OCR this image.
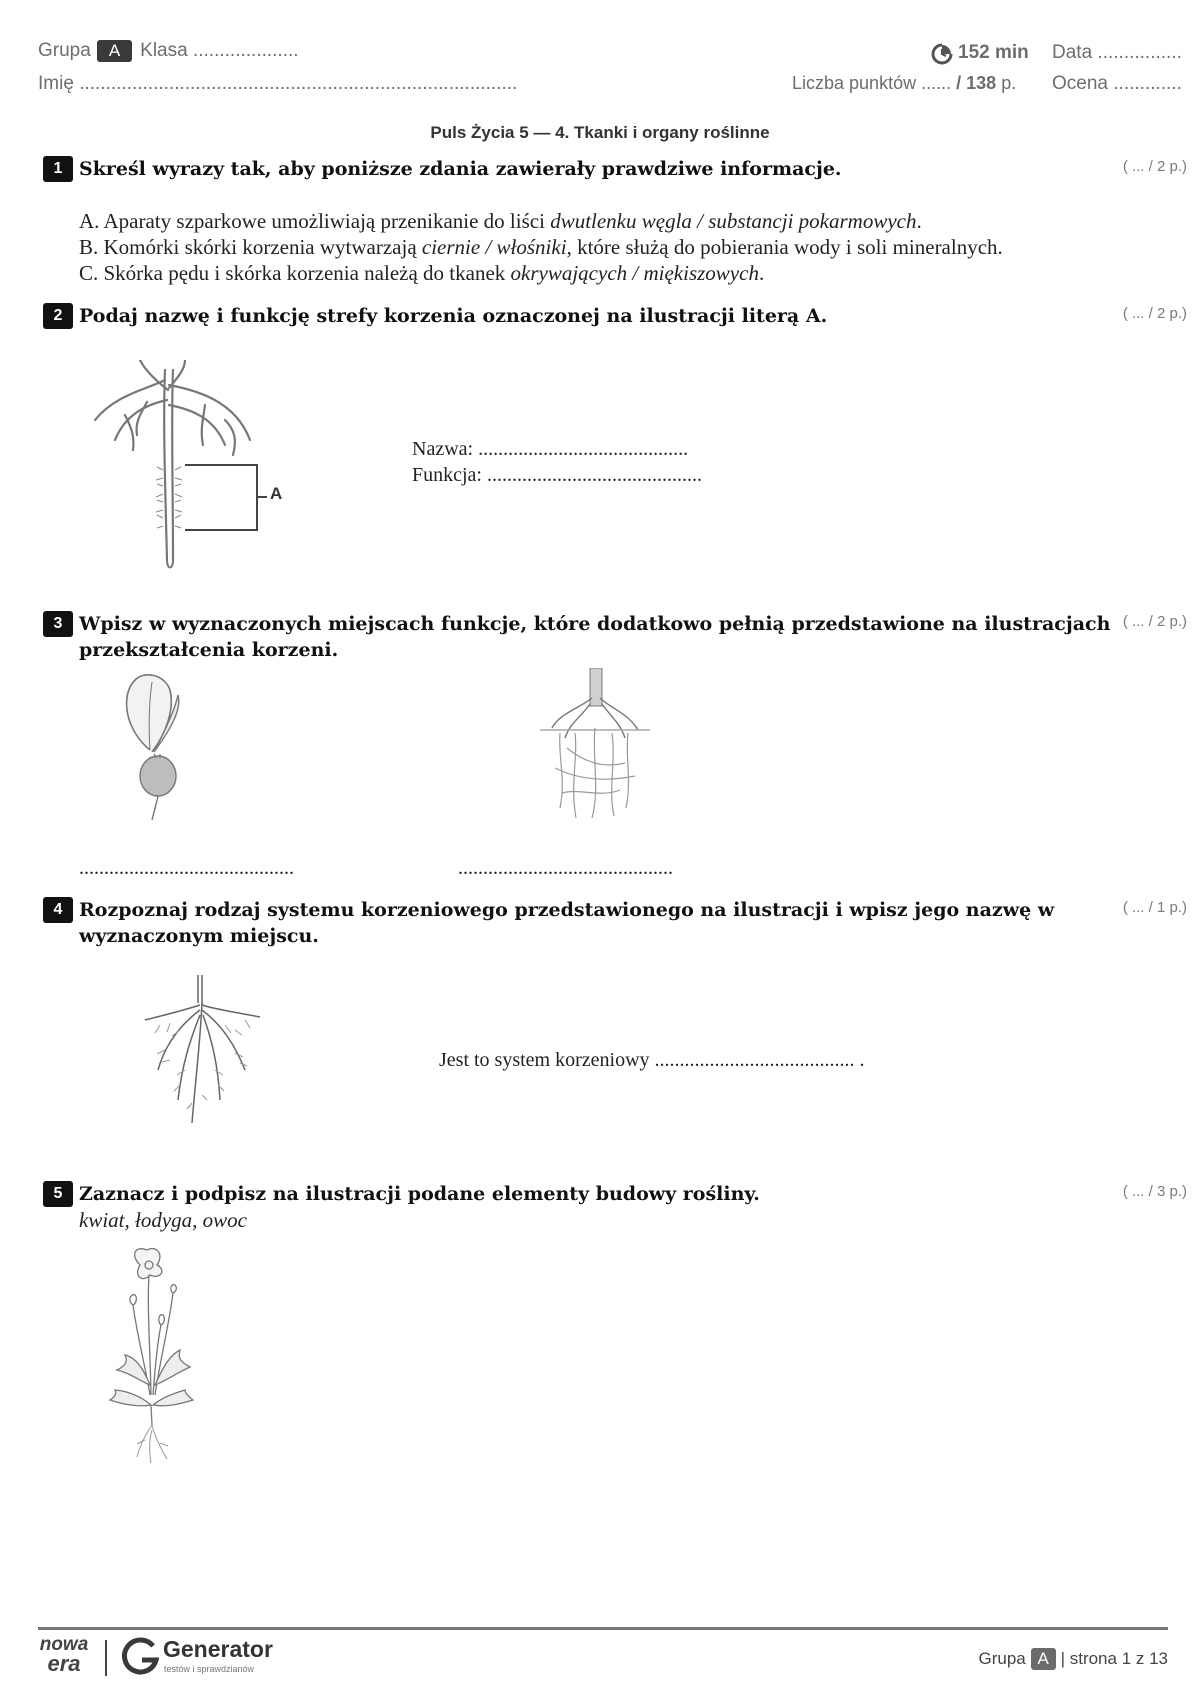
Grupa A Klasa ....................
Imię ...................................................................................
152 min Data ................
Liczba punktów ...... / 138 p. Ocena .............
Puls Życia 5 — 4. Tkanki i organy roślinne
1 Skreśl wyrazy tak, aby poniższe zdania zawierały prawdziwe informacje.	( ... / 2 p.)
A. Aparaty szparkowe umożliwiają przenikanie do liści dwutlenku węgla / substancji pokarmowych.
B. Komórki skórki korzenia wytwarzają ciernie / włośniki, które służą do pobierania wody i soli mineralnych.
C. Skórka pędu i skórka korzenia należą do tkanek okrywających / miękiszowych.
2 Podaj nazwę i funkcję strefy korzenia oznaczonej na ilustracji literą A.	( ... / 2 p.)
A
Nazwa: ..........................................
Funkcja: ...........................................
3 Wpisz w wyznaczonych miejscach funkcje, które dodatkowo pełnią przedstawione na ilustracjach
przekształcenia korzeni.
( ... / 2 p.)
...........................................	...........................................
4 Rozpoznaj rodzaj systemu korzeniowego przedstawionego na ilustracji i wpisz jego nazwę w
wyznaczonym miejscu.
( ... / 1 p.)
Jest to system korzeniowy ........................................ .
5 Zaznacz i podpisz na ilustracji podane elementy budowy rośliny.	( ... / 3 p.)
kwiat, łodyga, owoc
nowa
era
Generator
testów i sprawdzianów
Grupa A | strona 1 z 13
